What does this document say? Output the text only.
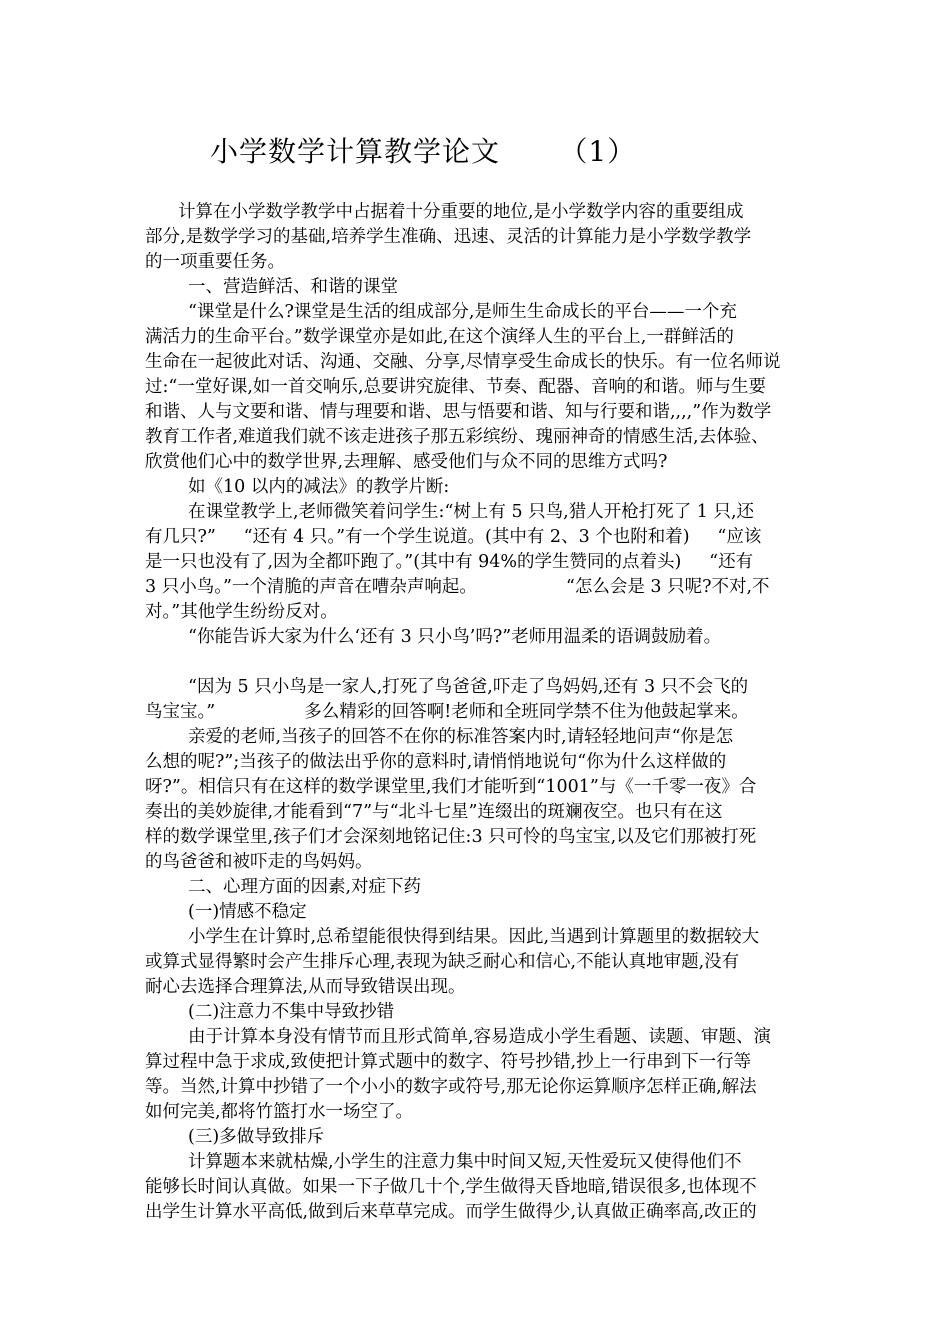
小学数学计算教学论文      （1）
计算在小学数学教学中占据着十分重要的地位,是小学数学内容的重要组成
部分,是数学学习的基础,培养学生准确、迅速、灵活的计算能力是小学数学教学
的一项重要任务。
一、营造鲜活、和谐的课堂
“课堂是什么?课堂是生活的组成部分,是师生生命成长的平台——一个充
满活力的生命平台。”数学课堂亦是如此,在这个演绎人生的平台上,一群鲜活的
生命在一起彼此对话、沟通、交融、分享,尽情享受生命成长的快乐。有一位名师说
过:“一堂好课,如一首交响乐,总要讲究旋律、节奏、配器、音响的和谐。师与生要
和谐、人与文要和谐、情与理要和谐、思与悟要和谐、知与行要和谐,,,,”作为数学
教育工作者,难道我们就不该走进孩子那五彩缤纷、瑰丽神奇的情感生活,去体验、
欣赏他们心中的数学世界,去理解、感受他们与众不同的思维方式吗?
如《10 以内的减法》的教学片断:
在课堂教学上,老师微笑着问学生:“树上有 5 只鸟,猎人开枪打死了 1 只,还
有几只?”     “还有 4 只。”有一个学生说道。(其中有 2、3 个也附和着)     “应该
是一只也没有了,因为全都吓跑了。”(其中有 94%的学生赞同的点着头)     “还有
3 只小鸟。”一个清脆的声音在嘈杂声响起。                “怎么会是 3 只呢?不对,不
对。”其他学生纷纷反对。
“你能告诉大家为什么‘还有 3 只小鸟’吗?”老师用温柔的语调鼓励着。
“因为 5 只小鸟是一家人,打死了鸟爸爸,吓走了鸟妈妈,还有 3 只不会飞的
鸟宝宝。”                多么精彩的回答啊!老师和全班同学禁不住为他鼓起掌来。
亲爱的老师,当孩子的回答不在你的标准答案内时,请轻轻地问声“你是怎
么想的呢?”;当孩子的做法出乎你的意料时,请悄悄地说句“你为什么这样做的
呀?”。相信只有在这样的数学课堂里,我们才能听到“1001”与《一千零一夜》合
奏出的美妙旋律,才能看到“7”与“北斗七星”连缀出的斑斓夜空。也只有在这
样的数学课堂里,孩子们才会深刻地铭记住:3 只可怜的鸟宝宝,以及它们那被打死
的鸟爸爸和被吓走的鸟妈妈。
二、心理方面的因素,对症下药
(一)情感不稳定
小学生在计算时,总希望能很快得到结果。因此,当遇到计算题里的数据较大
或算式显得繁时会产生排斥心理,表现为缺乏耐心和信心,不能认真地审题,没有
耐心去选择合理算法,从而导致错误出现。
(二)注意力不集中导致抄错
由于计算本身没有情节而且形式简单,容易造成小学生看题、读题、审题、演
算过程中急于求成,致使把计算式题中的数字、符号抄错,抄上一行串到下一行等
等。当然,计算中抄错了一个小小的数字或符号,那无论你运算顺序怎样正确,解法
如何完美,都将竹篮打水一场空了。
(三)多做导致排斥
计算题本来就枯燥,小学生的注意力集中时间又短,天性爱玩又使得他们不
能够长时间认真做。如果一下子做几十个,学生做得天昏地暗,错误很多,也体现不
出学生计算水平高低,做到后来草草完成。而学生做得少,认真做正确率高,改正的
